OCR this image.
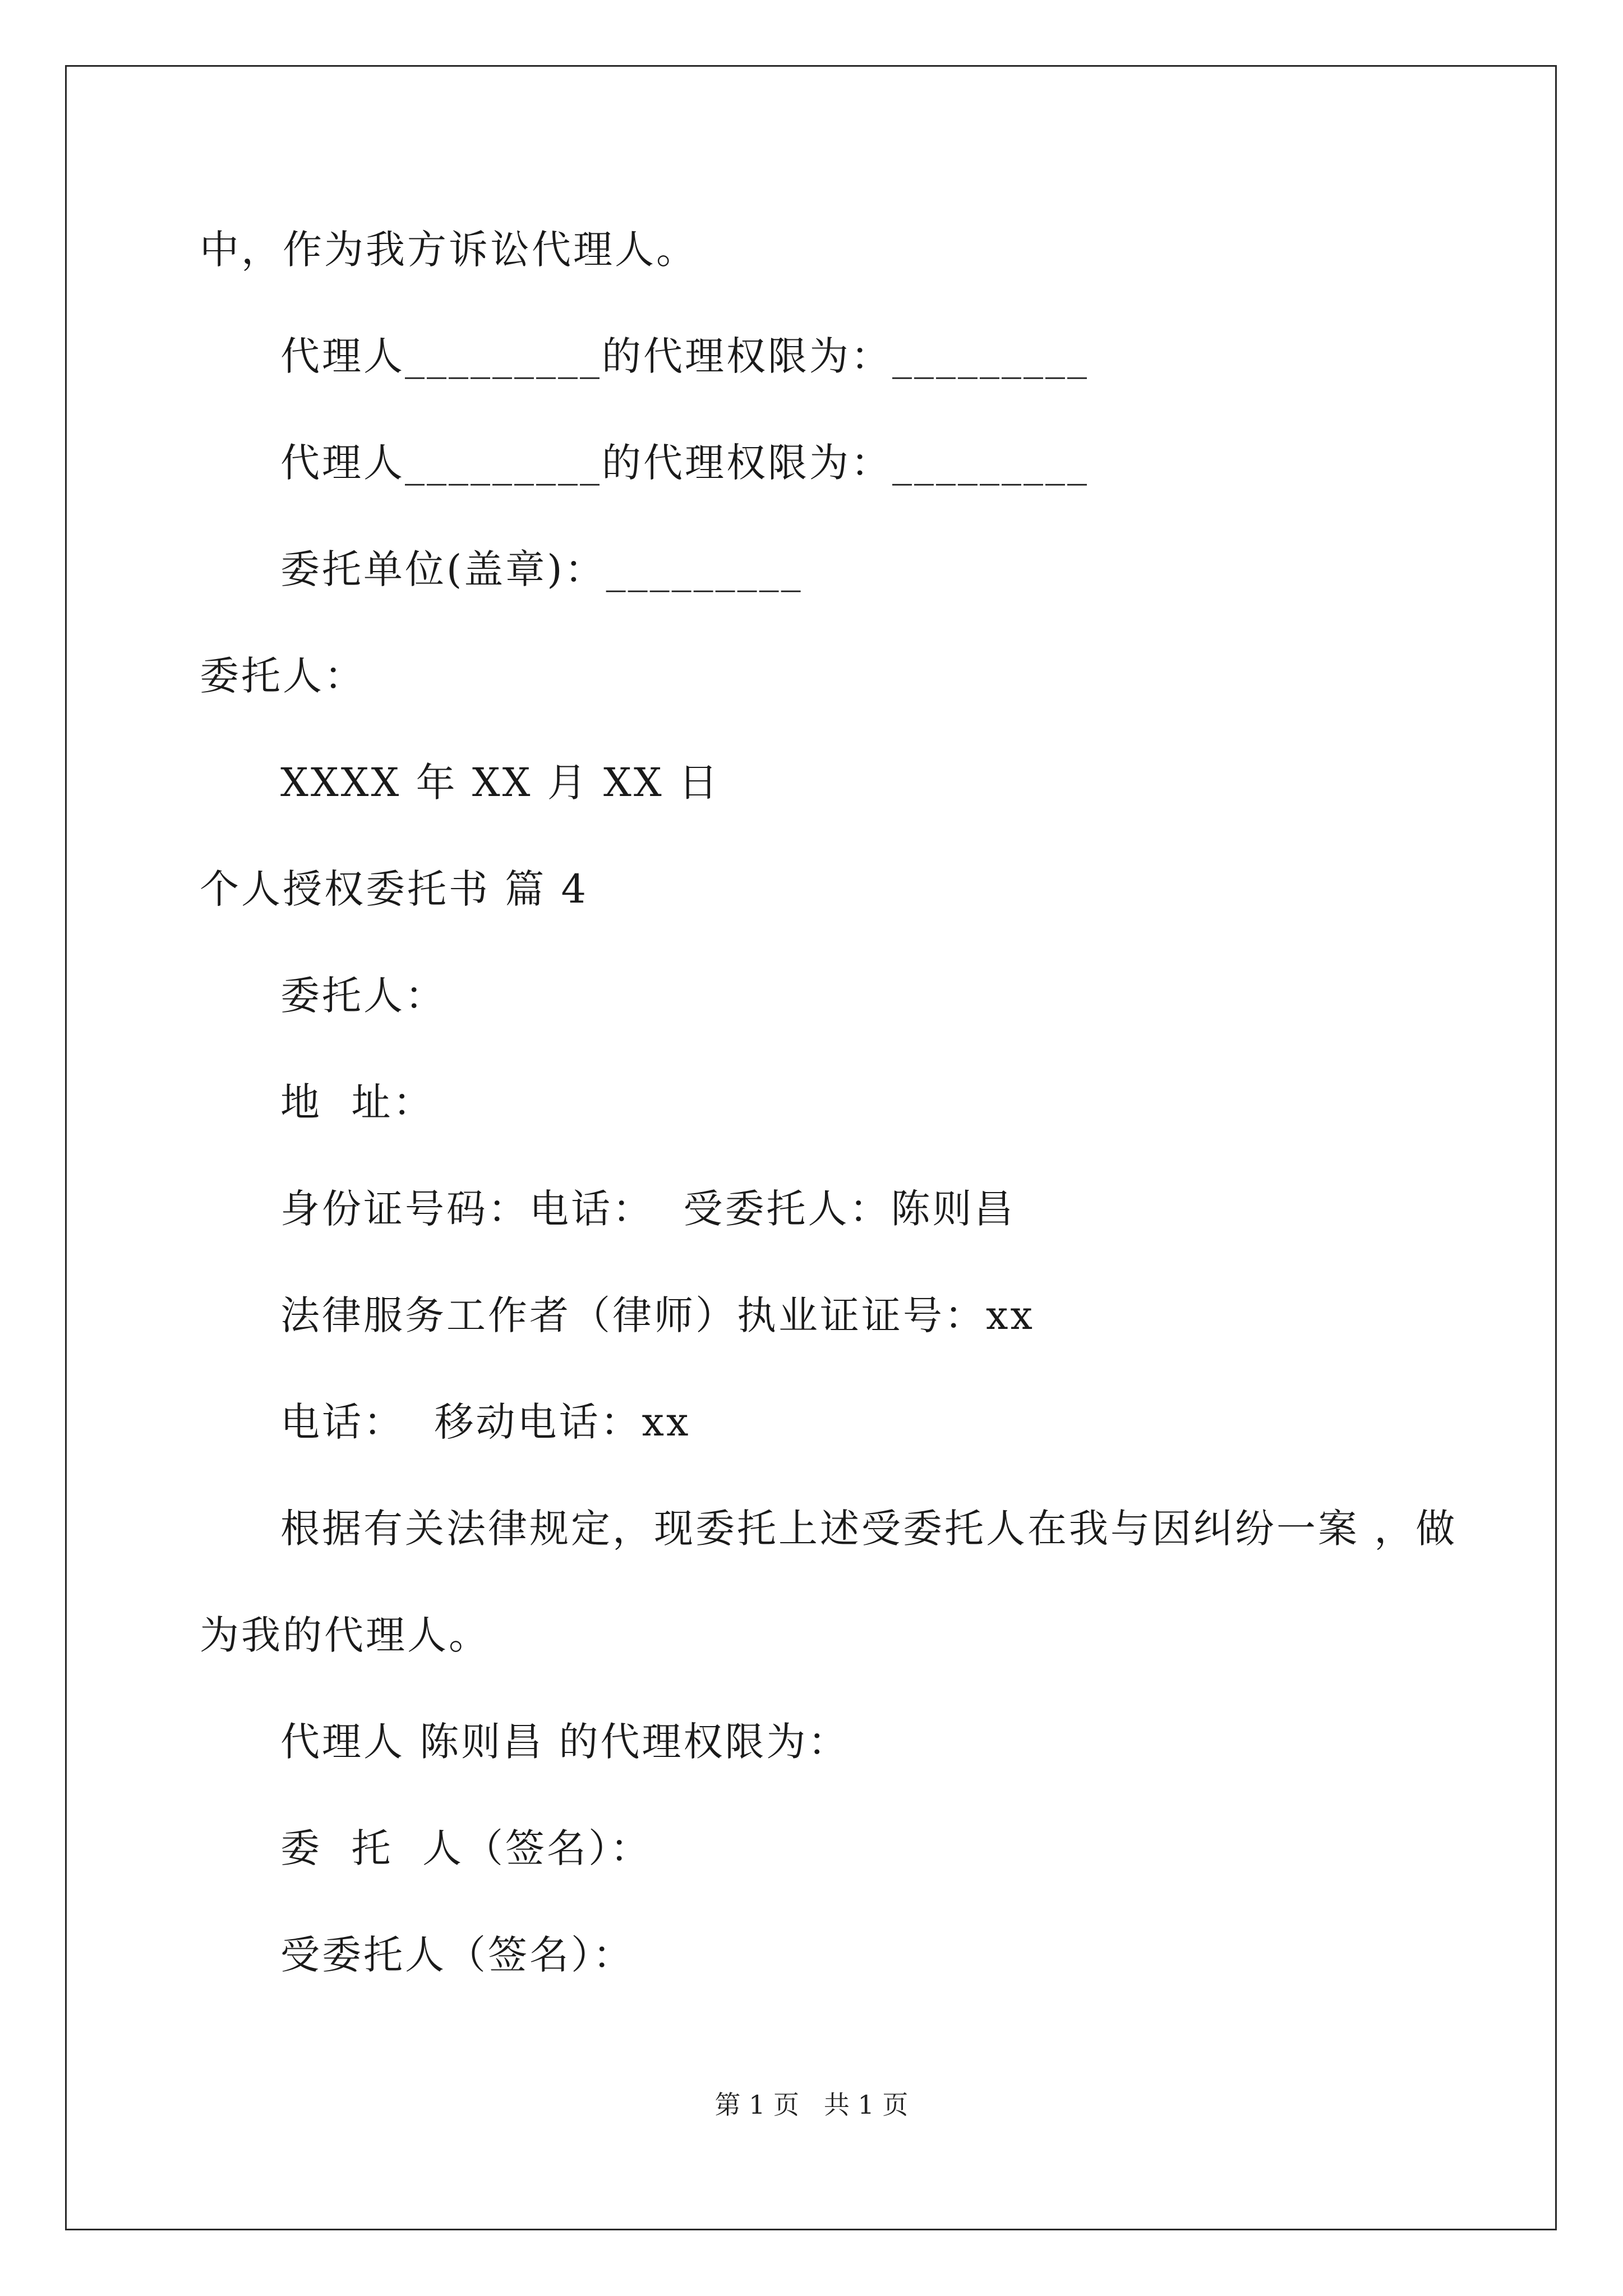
中，作为我方诉讼代理人。
代理人_________的代理权限为：_________
代理人_________的代理权限为：_________
委托单位(盖章)：_________
委托人：
XXXX 年 XX 月 XX 日
个人授权委托书 篇 4
委托人：
地  址：
身份证号码：电话：  受委托人：陈则昌
法律服务工作者（律师）执业证证号：xx
电话：  移动电话：xx
根据有关法律规定，现委托上述受委托人在我与因纠纷一案 ，做
为我的代理人。
代理人 陈则昌 的代理权限为：
委  托  人（签名）：
受委托人（签名）：
第 1 页   共 1 页
